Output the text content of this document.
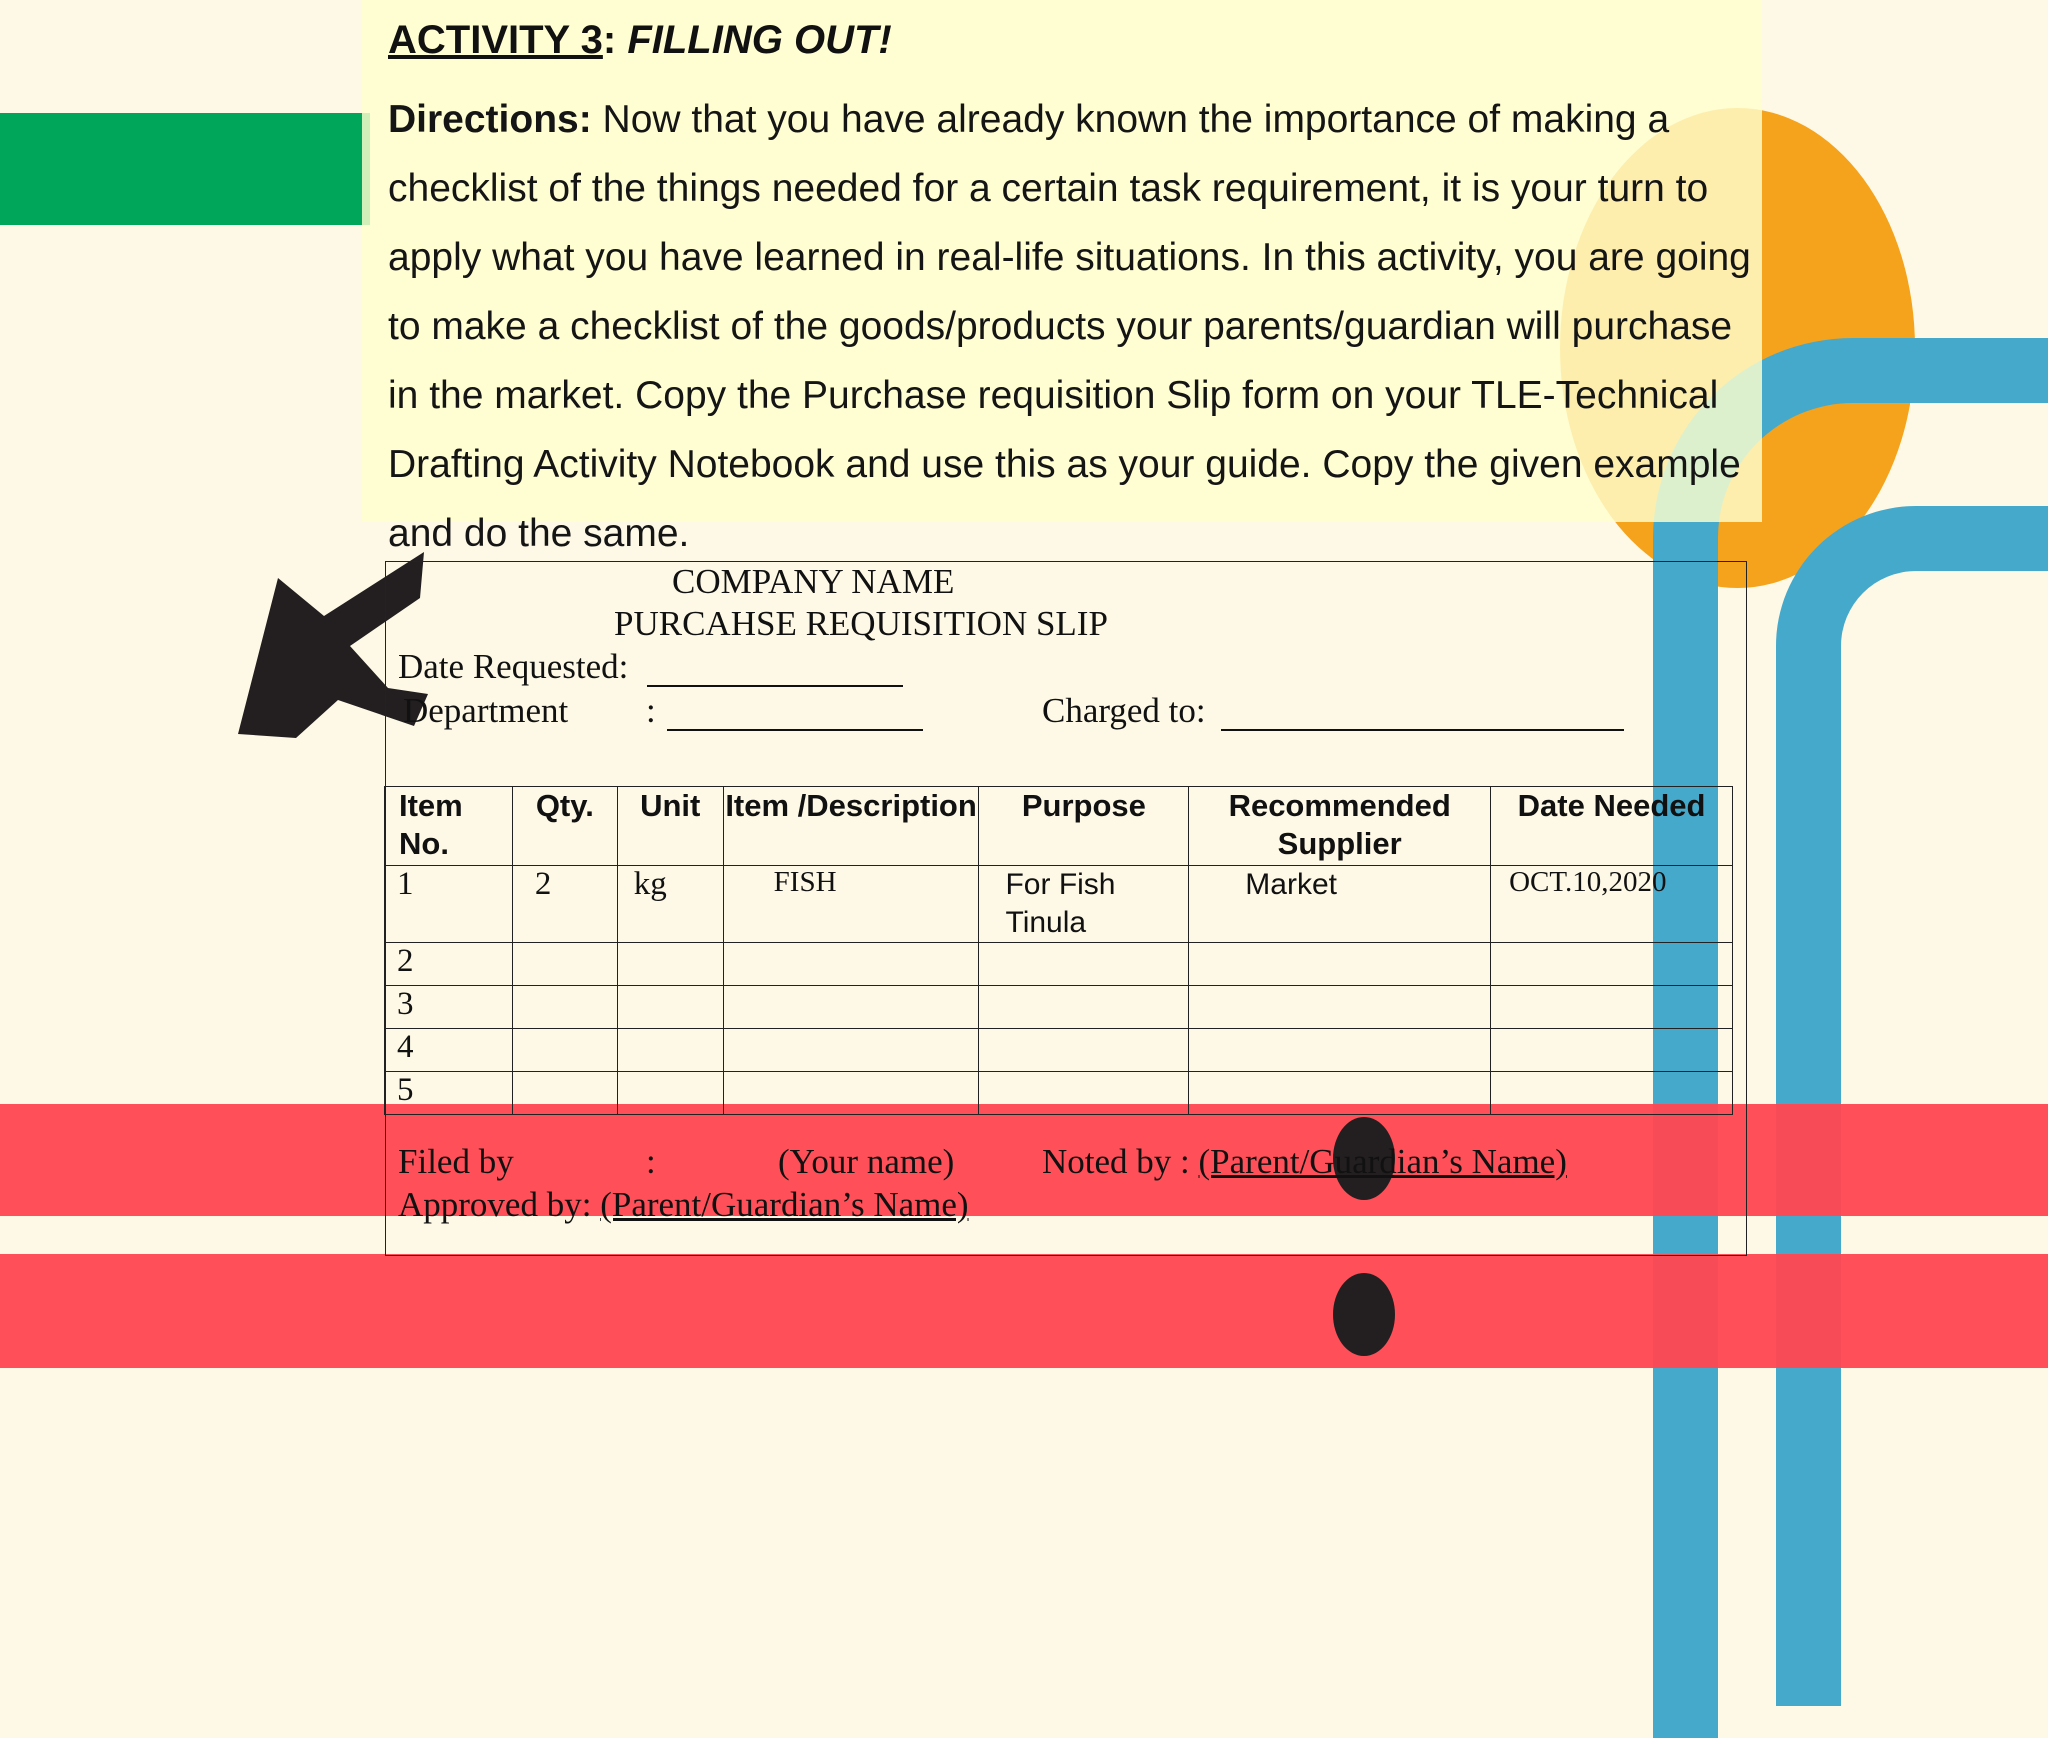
ACTIVITY 3: FILLING OUT!
Directions: Now that you have already known the importance of making a checklist of the things needed for a certain task requirement, it is your turn to apply what you have learned in real-life situations. In this activity, you are going to make a checklist of the goods/products your parents/guardian will purchase in the market. Copy the Purchase requisition Slip form on your TLE-Technical Drafting Activity Notebook and use this as your guide. Copy the given example and do the same.
COMPANY NAME
PURCAHSE REQUISITION SLIP
Date Requested:
Department :	Charged to:
Item No.	Qty.	Unit	Item /Description	Purpose	Recommended Supplier	Date Needed
1	2	kg	FISH	For Fish Tinula	Market	OCT.10,2020
2						
3						
4						
5						
Filed by	:	(Your name)	Noted by : (Parent/Guardian’s Name)
Approved by: (Parent/Guardian’s Name)
